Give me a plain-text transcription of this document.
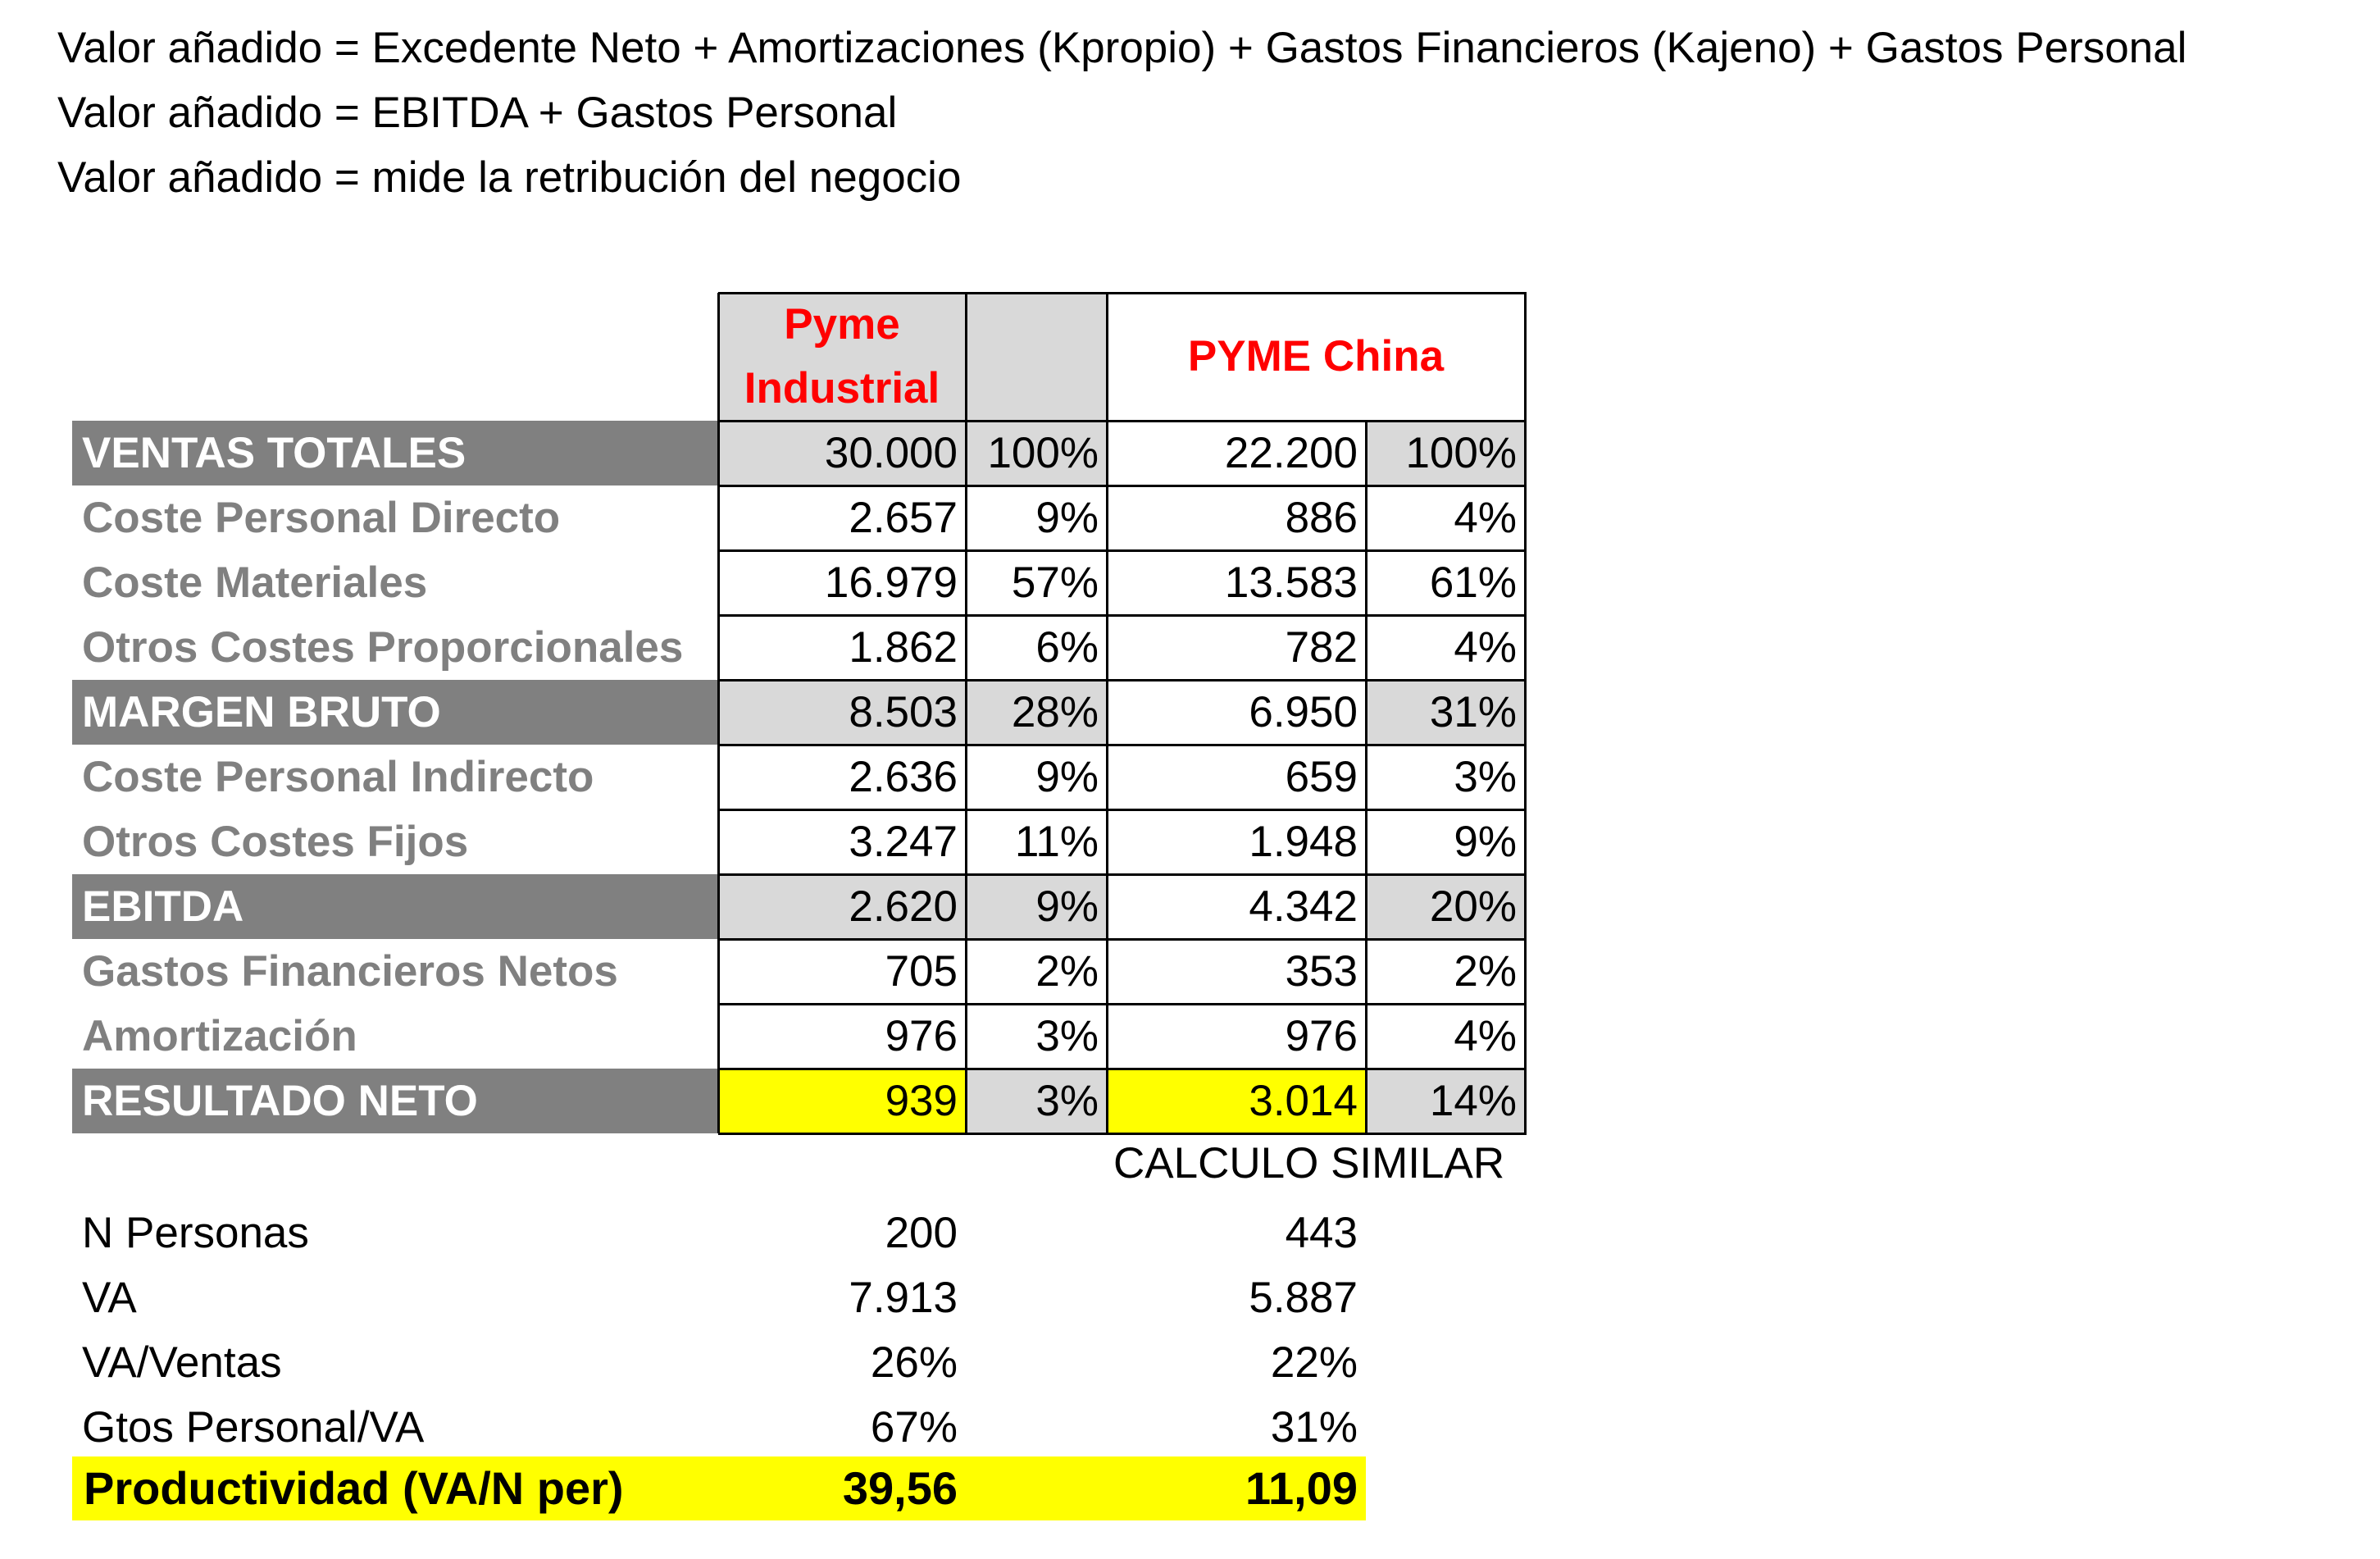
Valor añadido = Excedente Neto + Amortizaciones (Kpropio) + Gastos Financieros (Kajeno) + Gastos Personal
Valor añadido = EBITDA + Gastos Personal
Valor añadido = mide la retribución del negocio
Pyme Industrial
PYME China
VENTAS TOTALES	30.000 100%	22.200	100%
Coste Personal Directo	2.657	9%	886	4%
Coste Materiales	16.979	57%	13.583	61%
Otros Costes Proporcionales	1.862	6%	782	4%
MARGEN BRUTO	8.503	28%	6.950	31%
Coste Personal Indirecto	2.636	9%	659	3%
Otros Costes Fijos	3.247	11%	1.948	9%
EBITDA	2.620	9%	4.342	20%
Gastos Financieros Netos	705	2%	353	2%
Amortización	976	3%	976	4%
RESULTADO NETO	939	3%	3.014	14%
N Personas	200	443
VA	7.913	5.887
VA/Ventas	26%	22%
Gtos Personal/VA	67%	31%
CALCULO SIMILAR
Productividad (VA/N per)	39,56	11,09
